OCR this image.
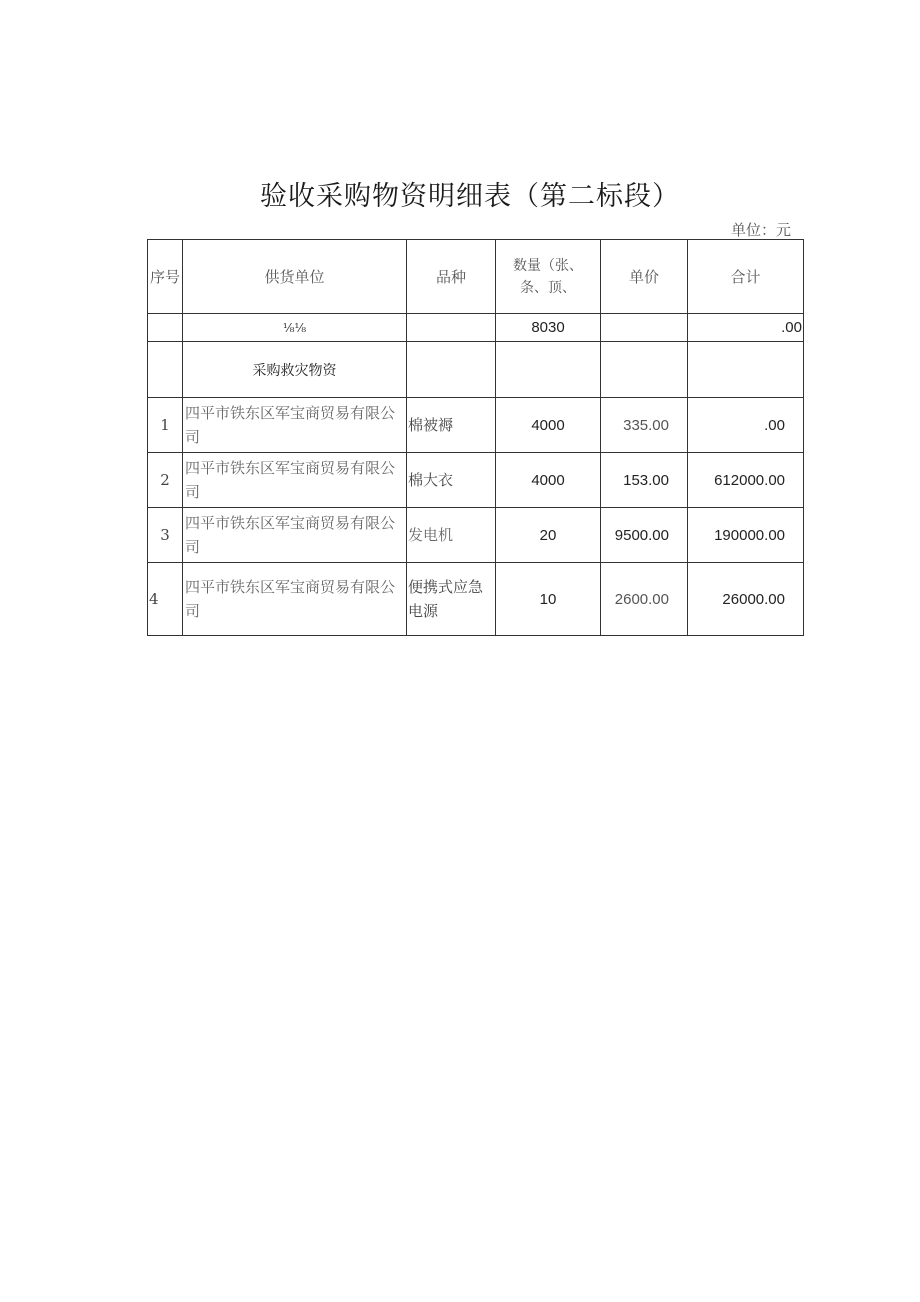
验收采购物资明细表（第二标段）
单位：元
序号	供货单位	品种	数量（张、条、顶、	单价	合计
	⅛⅛		8030		.00
	采购救灾物资				
1	四平市铁东区军宝商贸易有限公司	棉被褥	4000	335.00	.00
2	四平市铁东区军宝商贸易有限公司	棉大衣	4000	153.00	612000.00
3	四平市铁东区军宝商贸易有限公司	发电机	20	9500.00	190000.00
4	四平市铁东区军宝商贸易有限公司	便携式应急电源	10	2600.00	26000.00
